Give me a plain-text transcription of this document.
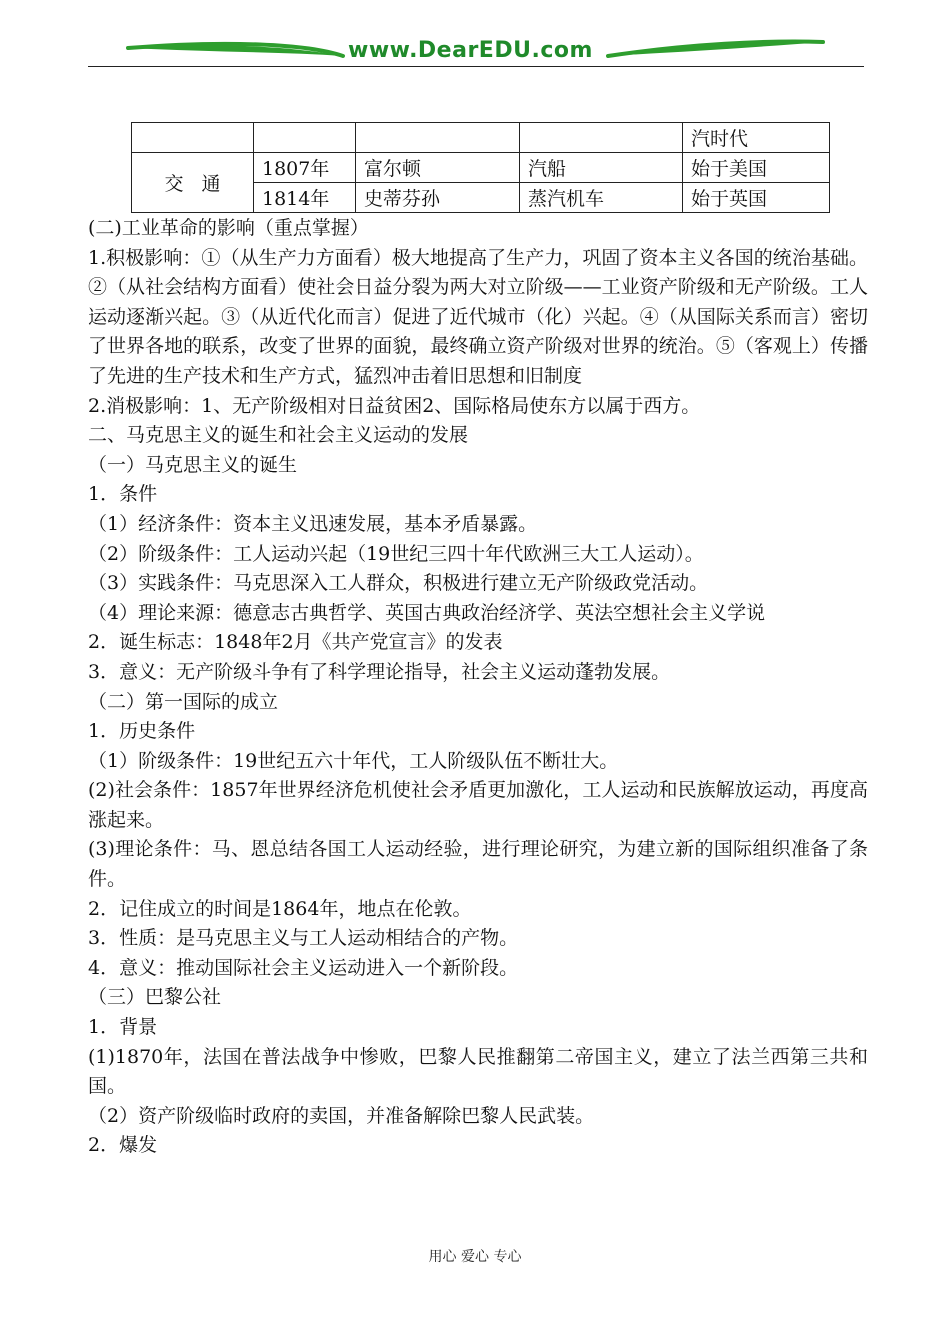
www.DearEDU.com
				汽时代
交通	1807年	富尔顿	汽船	始于美国
	1814年	史蒂芬孙	蒸汽机车	始于英国

(二)工业革命的影响（重点掌握）

1.积极影响：①（从生产力方面看）极大地提高了生产力，巩固了资本主义各国的统治基础。②（从社会结构方面看）使社会日益分裂为两大对立阶级——工业资产阶级和无产阶级。工人运动逐渐兴起。③（从近代化而言）促进了近代城市（化）兴起。④（从国际关系而言）密切了世界各地的联系，改变了世界的面貌，最终确立资产阶级对世界的统治。⑤（客观上）传播了先进的生产技术和生产方式，猛烈冲击着旧思想和旧制度

2.消极影响：1、无产阶级相对日益贫困2、国际格局使东方以属于西方。

二、马克思主义的诞生和社会主义运动的发展

（一）马克思主义的诞生

1．条件

（1）经济条件：资本主义迅速发展，基本矛盾暴露。

（2）阶级条件：工人运动兴起（19世纪三四十年代欧洲三大工人运动）。

（3）实践条件：马克思深入工人群众，积极进行建立无产阶级政党活动。

（4）理论来源：德意志古典哲学、英国古典政治经济学、英法空想社会主义学说

2．诞生标志：1848年2月《共产党宣言》的发表

3．意义：无产阶级斗争有了科学理论指导，社会主义运动蓬勃发展。

（二）第一国际的成立

1．历史条件

（1）阶级条件：19世纪五六十年代，工人阶级队伍不断壮大。

(2)社会条件：1857年世界经济危机使社会矛盾更加激化，工人运动和民族解放运动，再度高涨起来。

(3)理论条件：马、恩总结各国工人运动经验，进行理论研究，为建立新的国际组织准备了条件。

2．记住成立的时间是1864年，地点在伦敦。

3．性质：是马克思主义与工人运动相结合的产物。

4．意义：推动国际社会主义运动进入一个新阶段。

（三）巴黎公社

1．背景

(1)1870年，法国在普法战争中惨败，巴黎人民推翻第二帝国主义，建立了法兰西第三共和国。

（2）资产阶级临时政府的卖国，并准备解除巴黎人民武装。

2．爆发

用心 爱心 专心
